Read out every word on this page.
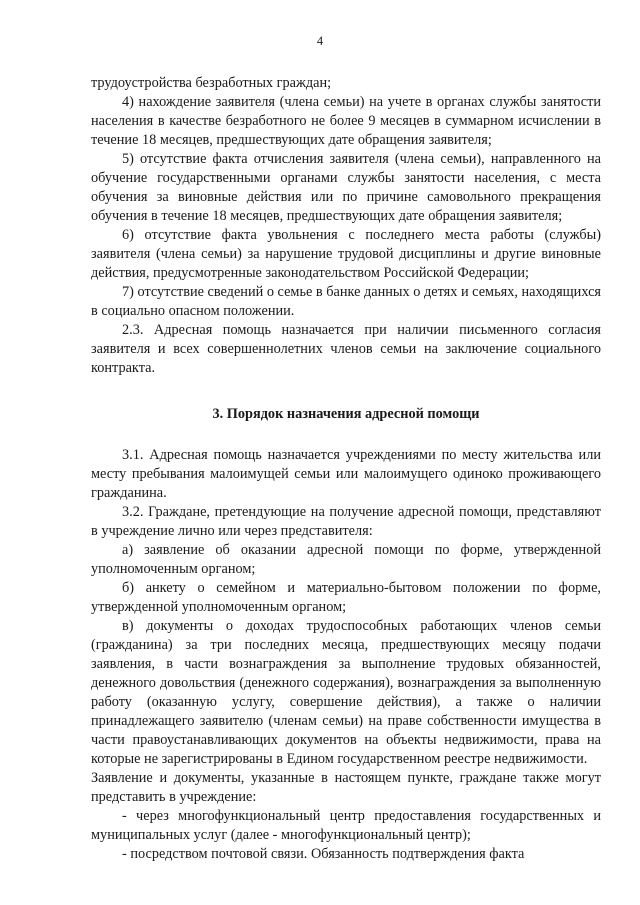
4

трудоустройства безработных граждан;

4) нахождение заявителя (члена семьи) на учете в органах службы занятости населения в качестве безработного не более 9 месяцев в суммарном исчислении в течение 18 месяцев, предшествующих дате обращения заявителя;

5) отсутствие факта отчисления заявителя (члена семьи), направленного на обучение государственными органами службы занятости населения, с места обучения за виновные действия или по причине самовольного прекращения обучения в течение 18 месяцев, предшествующих дате обращения заявителя;

6) отсутствие факта увольнения с последнего места работы (службы) заявителя (члена семьи) за нарушение трудовой дисциплины и другие виновные действия, предусмотренные законодательством Российской Федерации;

7) отсутствие сведений о семье в банке данных о детях и семьях, находящихся в социально опасном положении.

2.3. Адресная помощь назначается при наличии письменного согласия заявителя и всех совершеннолетних членов семьи на заключение социального контракта.

3. Порядок назначения адресной помощи

3.1. Адресная помощь назначается учреждениями по месту жительства или месту пребывания малоимущей семьи или малоимущего одиноко проживающего гражданина.

3.2. Граждане, претендующие на получение адресной помощи, представляют в учреждение лично или через представителя:

а) заявление об оказании адресной помощи по форме, утвержденной уполномоченным органом;

б) анкету о семейном и материально-бытовом положении по форме, утвержденной уполномоченным органом;

в) документы о доходах трудоспособных работающих членов семьи (гражданина) за три последних месяца, предшествующих месяцу подачи заявления, в части вознаграждения за выполнение трудовых обязанностей, денежного довольствия (денежного содержания), вознаграждения за выполненную работу (оказанную услугу, совершение действия), а также о наличии принадлежащего заявителю (членам семьи) на праве собственности имущества в части правоустанавливающих документов на объекты недвижимости, права на которые не зарегистрированы в Едином государственном реестре недвижимости.

Заявление и документы, указанные в настоящем пункте, граждане также могут представить в учреждение:

- через многофункциональный центр предоставления государственных и муниципальных услуг (далее - многофункциональный центр);

- посредством почтовой связи. Обязанность подтверждения факта
